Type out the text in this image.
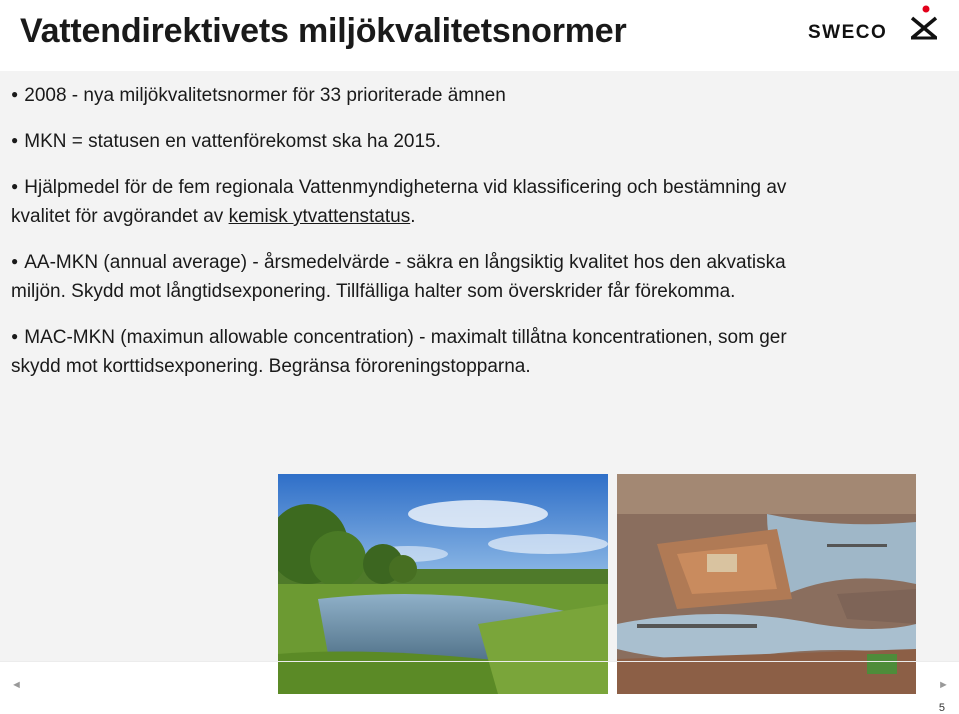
Vattendirektivets miljökvalitetsnormer	SWECO

● 2008 - nya miljökvalitetsnormer för 33 prioriterade ämnen

● MKN = statusen en vattenförekomst ska ha 2015.

● Hjälpmedel för de fem regionala Vattenmyndigheterna vid klassificering och bestämning av kvalitet för avgörandet av kemisk ytvattenstatus.

● AA-MKN (annual average) - årsmedelvärde - säkra en långsiktig kvalitet hos den akvatiska miljön. Skydd mot långtidsexponering. Tillfälliga halter som överskrider får förekomma.

● MAC-MKN (maximun allowable concentration) - maximalt tillåtna koncentrationen, som ger skydd mot korttidsexponering. Begränsa föroreningstopparna.

◄	►
5
